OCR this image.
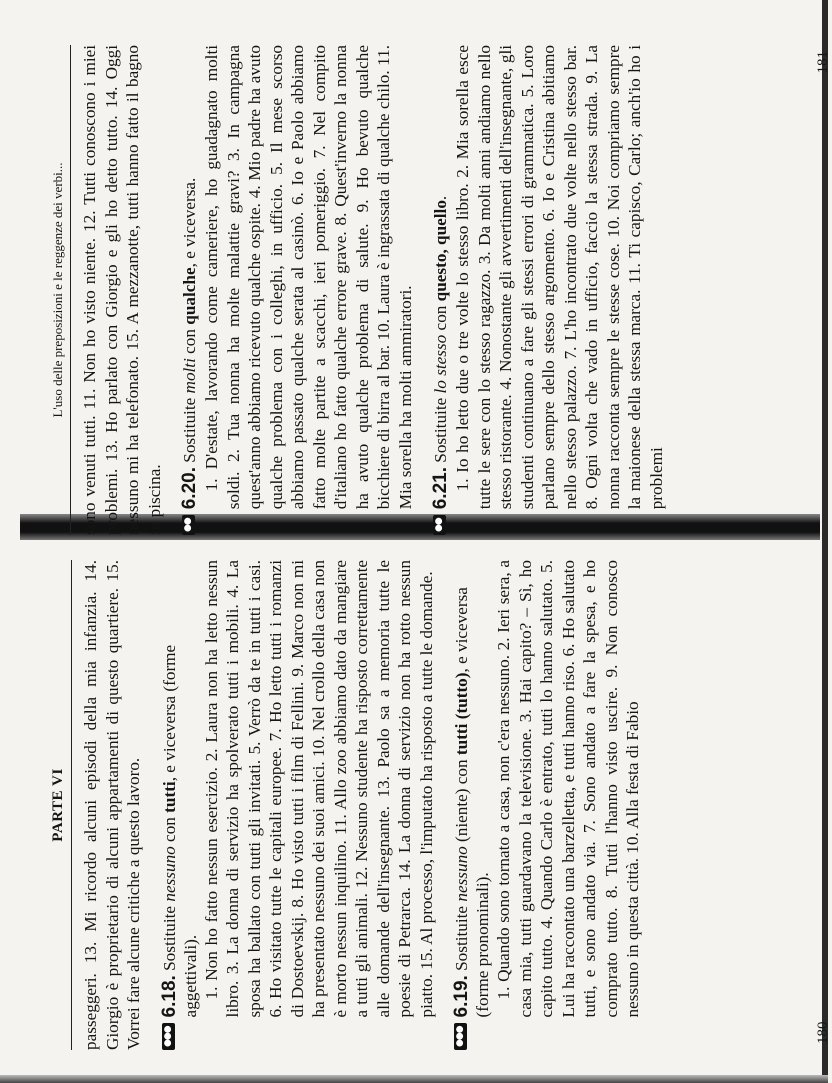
PARTE VI passeggeri. 13. Mi ricordo alcuni episodi della mia infanzia. 14. Giorgio è proprietario di alcuni appartamenti di questo quartiere. 15. Vorrei fare alcune critiche a questo lavoro. ●●●
6.18. Sostituite nessuno con tutti, e viceversa (forme aggettivali). 1. Non ho fatto nessun esercizio. 2. Laura non ha letto nessun libro. 3. La donna di servizio ha spolverato tutti i mobili. 4. La sposa ha ballato con tutti gli invitati. 5. Verrò da te in tutti i casi. 6. Ho visitato tutte le capitali europee. 7. Ho letto tutti i romanzi di Dostoevskij. 8. Ho visto tutti i film di Fellini. 9. Marco non mi ha presentato nessuno dei suoi amici. 10. Nel crollo della casa non è morto nessun inquilino. 11. Allo zoo abbiamo dato da mangiare a tutti gli animali. 12. Nessuno studente ha risposto correttamente alle domande dell'insegnante. 13. Paolo sa a memoria tutte le poesie di Petrarca. 14. La donna di servizio non ha rotto nessun piatto. 15. Al processo, l'imputato ha risposto a tutte le domande.

●●●
6.19. Sostituite nessuno (niente) con tutti (tutto), e viceversa (forme pronominali). 1. Quando sono tornato a casa, non c'era nessuno. 2. Ieri sera, a casa mia, tutti guardavano la televisione. 3. Hai capito? – Sì, ho capito tutto. 4. Quando Carlo è entrato, tutti lo hanno salutato. 5. Lui ha raccontato una barzelletta, e tutti hanno riso. 6. Ho salutato tutti, e sono andato via. 7. Sono andato a fare la spesa, e ho comprato tutto. 8. Tutti l'hanno visto uscire. 9. Non conosco nessuno in questa città. 10. Alla festa di Fabio

180
L'uso delle preposizioni e le reggenze dei verbi... sono venuti tutti. 11. Non ho visto niente. 12. Tutti conoscono i miei problemi. 13. Ho parlato con Giorgio e gli ho detto tutto. 14. Oggi nessuno mi ha telefonato. 15. A mezzanotte, tutti hanno fatto il bagno in piscina. ●●
6.20. Sostituite molti con qualche, e viceversa. 1. D'estate, lavorando come cameriere, ho guadagnato molti soldi. 2. Tua nonna ha molte malattie gravi? 3. In campagna quest'anno abbiamo ricevuto qualche ospite. 4. Mio padre ha avuto qualche problema con i colleghi, in ufficio. 5. Il mese scorso abbiamo passato qualche serata al casinò. 6. Io e Paolo abbiamo fatto molte partite a scacchi, ieri pomeriggio. 7. Nel compito d'italiano ho fatto qualche errore grave. 8. Quest'inverno la nonna ha avuto qualche problema di salute. 9. Ho bevuto qualche bicchiere di birra al bar. 10. Laura è ingrassata di qualche chilo. 11. Mia sorella ha molti ammiratori.

●●
6.21. Sostituite lo stesso con questo, quello. 1. Io ho letto due o tre volte lo stesso libro. 2. Mia sorella esce tutte le sere con lo stesso ragazzo. 3. Da molti anni andiamo nello stesso ristorante. 4. Nonostante gli avvertimenti dell'insegnante, gli studenti continuano a fare gli stessi errori di grammatica. 5. Loro parlano sempre dello stesso argomento. 6. Io e Cristina abitiamo nello stesso palazzo. 7. L'ho incontrato due volte nello stesso bar. 8. Ogni volta che vado in ufficio, faccio la stessa strada. 9. La nonna racconta sempre le stesse cose. 10. Noi compriamo sempre la maionese della stessa marca. 11. Ti capisco, Carlo; anch'io ho i problemi

181
